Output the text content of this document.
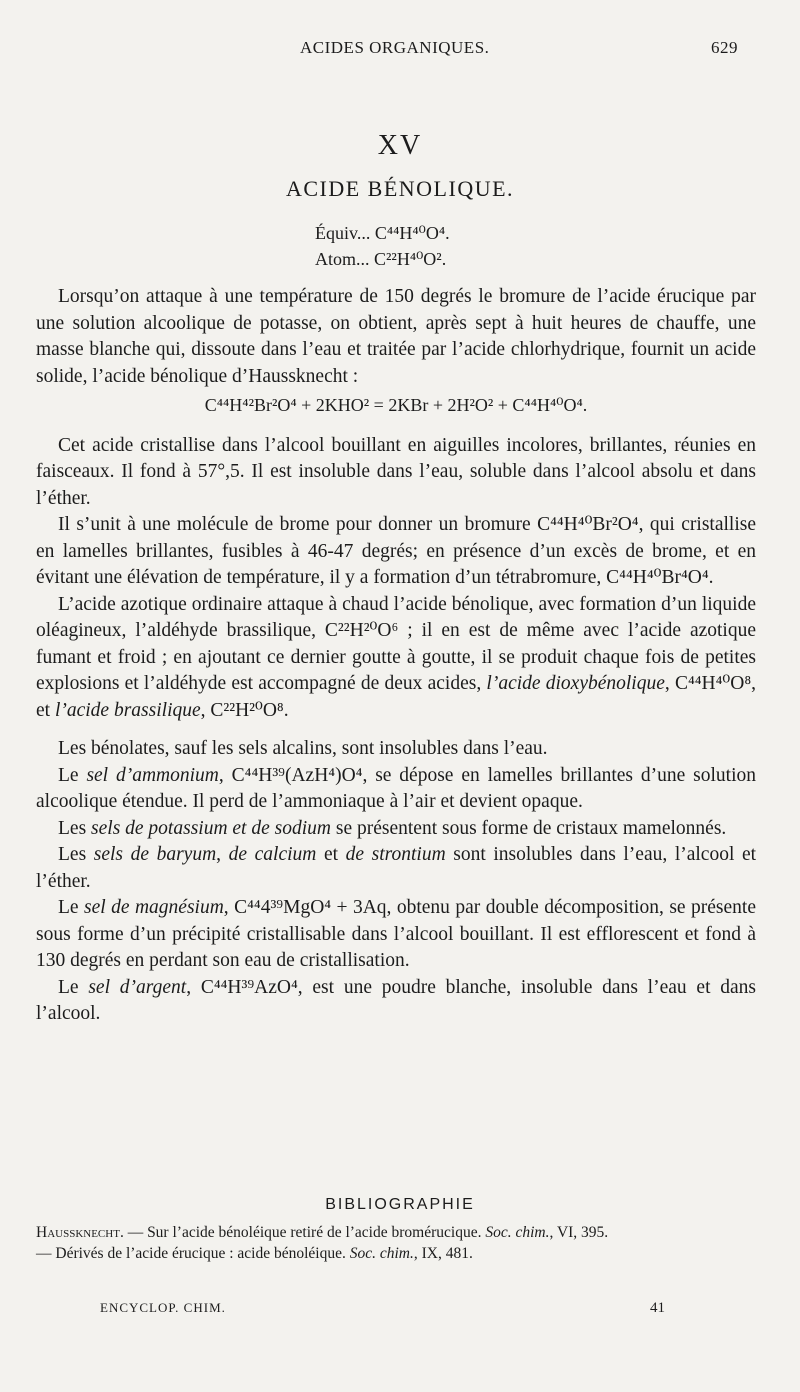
ACIDES ORGANIQUES.	629
XV
ACIDE BÉNOLIQUE.
Équiv... C⁴⁴H⁴⁰O⁴.
Atom... C²²H⁴⁰O².

Lorsqu’on attaque à une température de 150 degrés le bromure de l’acide érucique par une solution alcoolique de potasse, on obtient, après sept à huit heures de chauffe, une masse blanche qui, dissoute dans l’eau et traitée par l’acide chlorhydrique, fournit un acide solide, l’acide bénolique d’Haussknecht :

C⁴⁴H⁴²Br²O⁴ + 2KHO² = 2KBr + 2H²O² + C⁴⁴H⁴⁰O⁴.

Cet acide cristallise dans l’alcool bouillant en aiguilles incolores, brillantes, réunies en faisceaux. Il fond à 57°,5. Il est insoluble dans l’eau, soluble dans l’alcool absolu et dans l’éther.

Il s’unit à une molécule de brome pour donner un bromure C⁴⁴H⁴⁰Br²O⁴, qui cristallise en lamelles brillantes, fusibles à 46-47 degrés; en présence d’un excès de brome, et en évitant une élévation de température, il y a formation d’un tétrabromure, C⁴⁴H⁴⁰Br⁴O⁴.

L’acide azotique ordinaire attaque à chaud l’acide bénolique, avec formation d’un liquide oléagineux, l’aldéhyde brassilique, C²²H²⁰O⁶ ; il en est de même avec l’acide azotique fumant et froid ; en ajoutant ce dernier goutte à goutte, il se produit chaque fois de petites explosions et l’aldéhyde est accompagné de deux acides, l’acide dioxybénolique, C⁴⁴H⁴⁰O⁸, et l’acide brassilique, C²²H²⁰O⁸.

Les bénolates, sauf les sels alcalins, sont insolubles dans l’eau.

Le sel d’ammonium, C⁴⁴H³⁹(AzH⁴)O⁴, se dépose en lamelles brillantes d’une solution alcoolique étendue. Il perd de l’ammoniaque à l’air et devient opaque.

Les sels de potassium et de sodium se présentent sous forme de cristaux mamelonnés.

Les sels de baryum, de calcium et de strontium sont insolubles dans l’eau, l’alcool et l’éther.

Le sel de magnésium, C⁴⁴4³⁹MgO⁴ + 3Aq, obtenu par double décomposition, se présente sous forme d’un précipité cristallisable dans l’alcool bouillant. Il est efflorescent et fond à 130 degrés en perdant son eau de cristallisation.

Le sel d’argent, C⁴⁴H³⁹AzO⁴, est une poudre blanche, insoluble dans l’eau et dans l’alcool.

BIBLIOGRAPHIE

Haussknecht. — Sur l’acide bénoléique retiré de l’acide bromérucique. Soc. chim., VI, 395.

— Dérivés de l’acide érucique : acide bénoléique. Soc. chim., IX, 481.

ENCYCLOP. CHIM.	41
